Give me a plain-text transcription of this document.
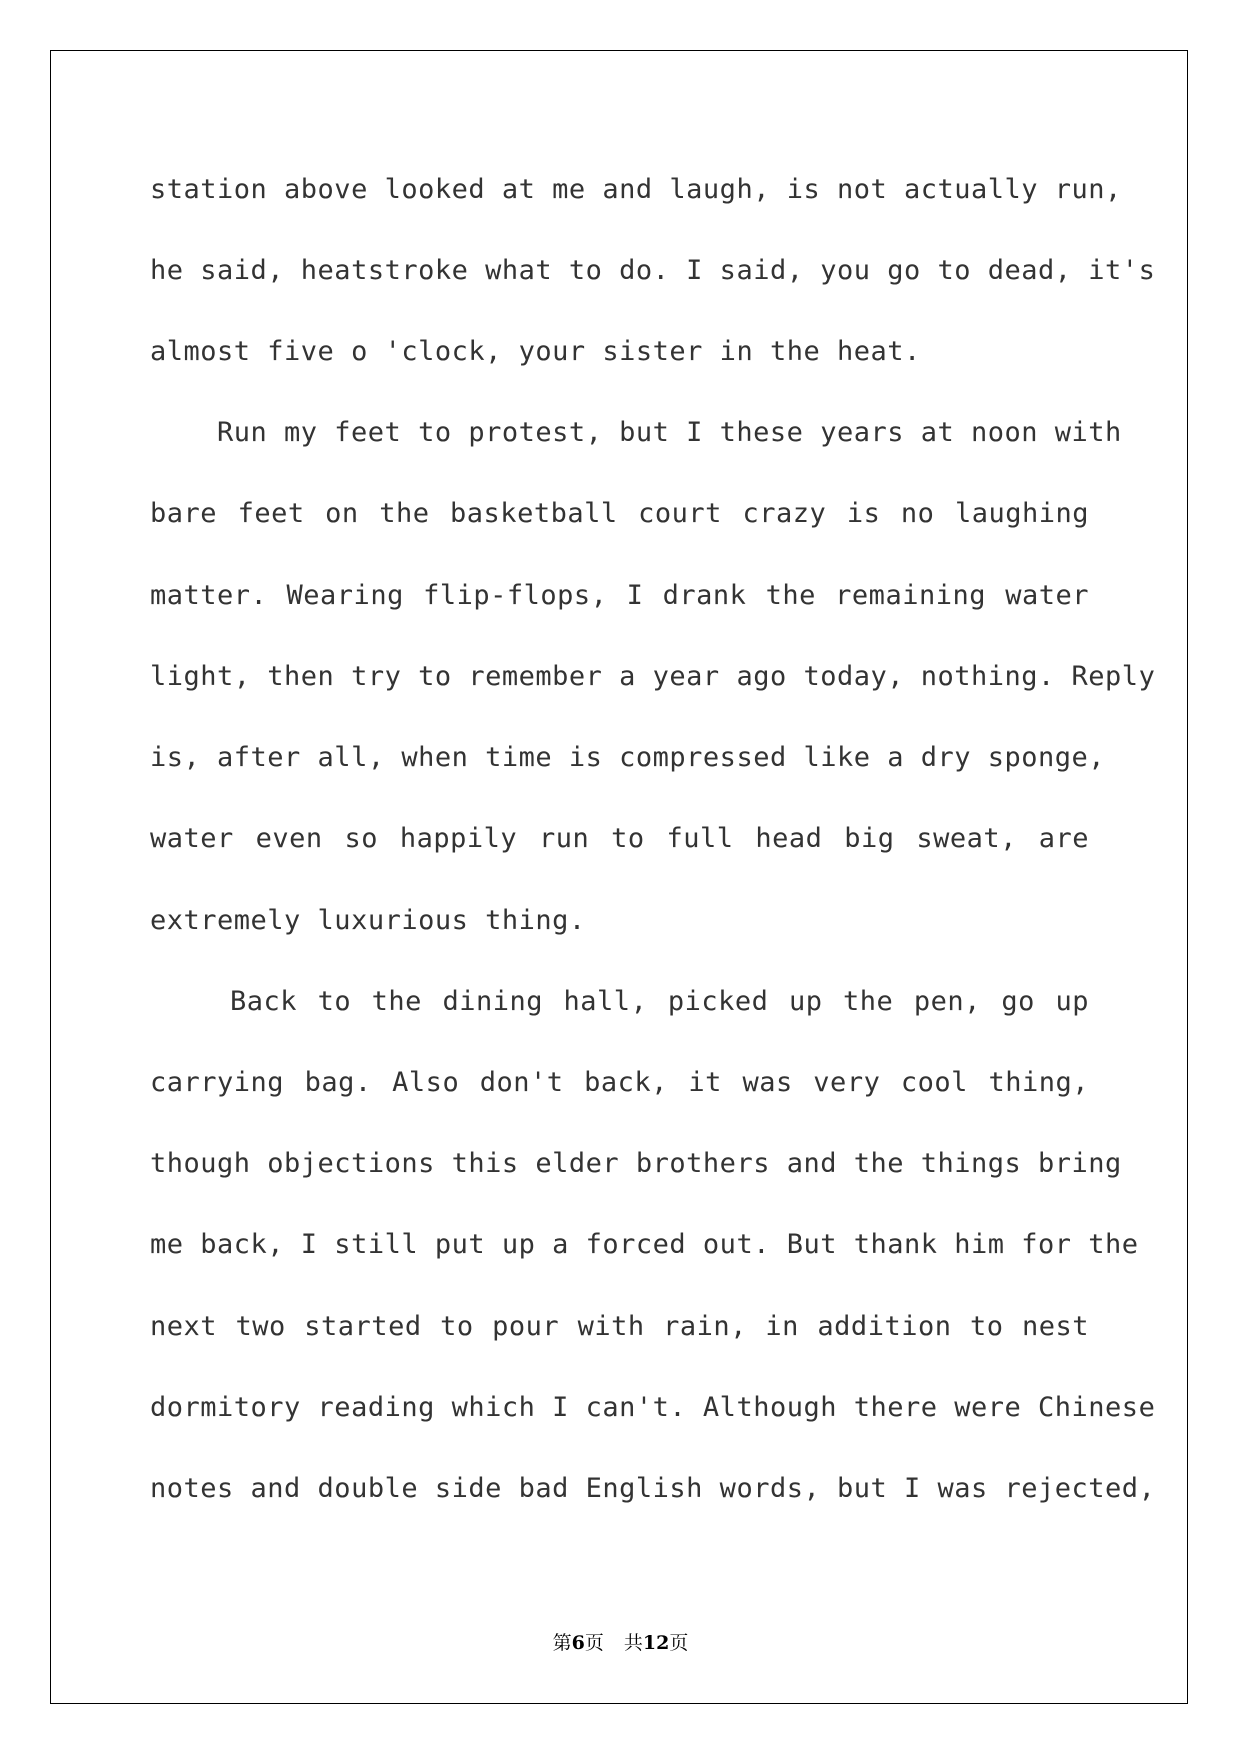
station above looked at me and laugh, is not actually run,
he said, heatstroke what to do. I said, you go to dead, it's
almost five o 'clock, your sister in the heat.
Run my feet to protest, but I these years at noon with
bare feet on the basketball court crazy is no laughing
matter. Wearing flip-flops, I drank the remaining water
light, then try to remember a year ago today, nothing. Reply
is, after all, when time is compressed like a dry sponge,
water even so happily run to full head big sweat, are
extremely luxurious thing.
Back to the dining hall, picked up the pen, go up
carrying bag. Also don't back, it was very cool thing,
though objections this elder brothers and the things bring
me back, I still put up a forced out. But thank him for the
next two started to pour with rain, in addition to nest
dormitory reading which I can't. Although there were Chinese
notes and double side bad English words, but I was rejected,
第6页 共12页
